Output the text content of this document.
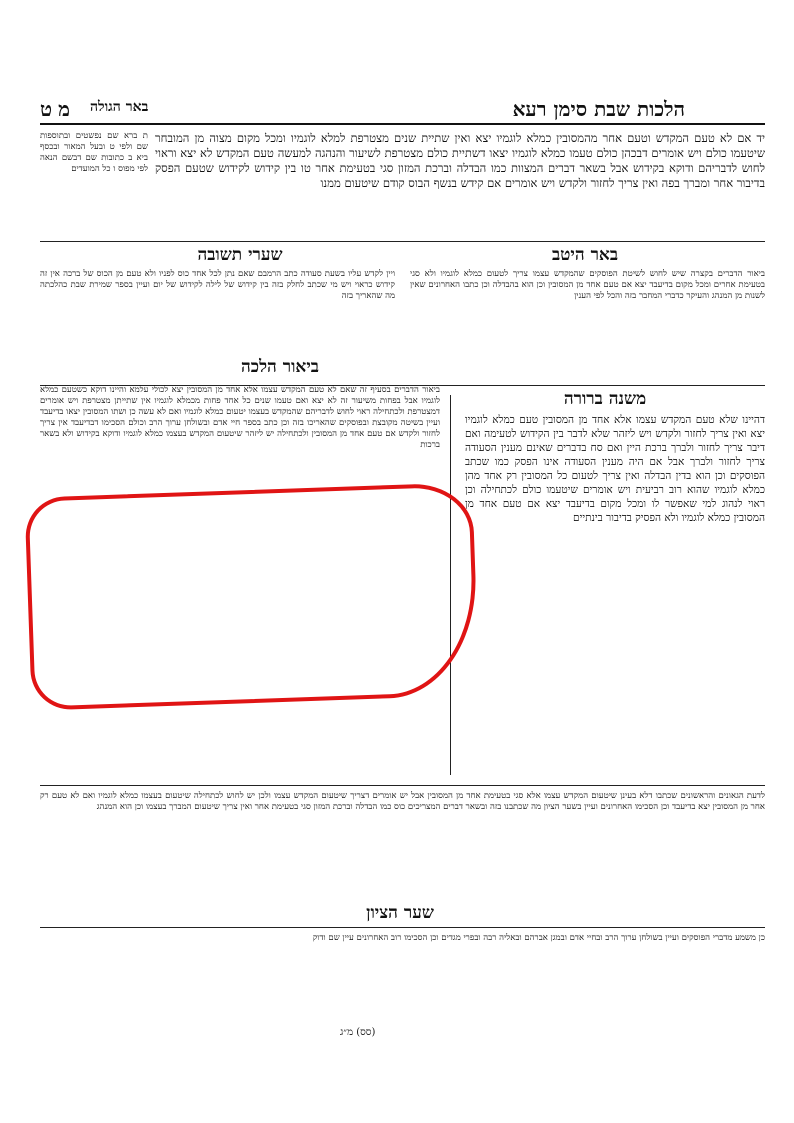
מט באר הגולה	הלכות שבת סימן רעא

יד אם לא טעם המקדש וטעם אחר מהמסובין כמלא לוגמיו יצא ואין שתיית שנים מצטרפת למלא לוגמיו ומכל מקום מצוה מן המובחר שיטעמו כולם ויש אומרים דבכהן כולם טעמו כמלא לוגמיו יצאו דשתיית כולם מצטרפת לשיעור והנהגה למעשה טעם המקדש לא יצא וראוי לחוש לדבריהם ודוקא בקידוש אבל בשאר דברים המצוות כמו הבדלה וברכת המזון סגי בטעימת אחר טו בין קידוש לקידוש שטעם הפסק בדיבור אחר ומברך בפה ואין צריך לחזור ולקדש ויש אומרים אם קידש בנשף הבוס קודם שיטעום ממנו

ת ברא שם נפשטים ובתוספות שם ולפי ט ובעל המאור ובכסף ביא ב כתובות שם דבשם הנאה לפי מפוס ו כל המועדים

באר היטב
שערי תשובה

ביאור הדברים בקצרה שיש לחוש לשיטת הפוסקים שהמקדש עצמו צריך לטעום כמלא לוגמיו ולא סגי בטעימת אחרים ומכל מקום בדיעבד יצא אם טעם אחד מן המסובין וכן הוא בהבדלה וכן כתבו האחרונים שאין לשנות מן המנהג והעיקר כדברי המחבר בזה והכל לפי הענין

ויין לקדש עליו בשעת סעודה כתב הרמבם שאם נתן לכל אחד כוס לפניו ולא טעם מן הכוס של ברכה אין זה קידוש כראוי ויש מי שכתב לחלק בזה בין קידוש של לילה לקידוש של יום ועיין בספר שמירת שבת כהלכתה מה שהאריך בזה

משנה ברורה
ביאור הלכה

דהיינו שלא טעם המקדש עצמו אלא אחד מן המסובין טעם כמלא לוגמיו יצא ואין צריך לחזור ולקדש ויש ליזהר שלא לדבר בין הקידוש לטעימה ואם דיבר צריך לחזור ולברך ברכת היין ואם סח בדברים שאינם מענין הסעודה צריך לחזור ולברך אבל אם היה מענין הסעודה אינו הפסק כמו שכתב הפוסקים וכן הוא בדין הבדלה ואין צריך לטעום כל המסובין רק אחד מהן כמלא לוגמיו שהוא רוב רביעית ויש אומרים שיטעמו כולם לכתחילה וכן ראוי לנהוג למי שאפשר לו ומכל מקום בדיעבד יצא אם טעם אחד מן המסובין כמלא לוגמיו ולא הפסיק בדיבור בינתיים

ביאור הדברים בסעיף זה שאם לא טעם המקדש עצמו אלא אחד מן המסובין יצא לכולי עלמא והיינו דוקא כשטעם כמלא לוגמיו אבל בפחות משיעור זה לא יצא ואם טעמו שנים כל אחד פחות מכמלא לוגמיו אין שתייתן מצטרפת ויש אומרים דמצטרפת ולכתחילה ראוי לחוש לדבריהם שהמקדש בעצמו יטעום כמלא לוגמיו ואם לא עשה כן ושתו המסובין יצאו בדיעבד ועיין בשיטה מקובצת ובפוסקים שהאריכו בזה וכן כתב בספר חיי אדם ובשולחן ערוך הרב וכולם הסכימו דבדיעבד אין צריך לחזור ולקדש אם טעם אחד מן המסובין ולכתחילה יש ליזהר שיטעום המקדש בעצמו כמלא לוגמיו ודוקא בקידוש ולא בשאר ברכות

לדעת הגאונים והראשונים שכתבו דלא בעינן שיטעום המקדש עצמו אלא סגי בטעימת אחד מן המסובין אבל יש אומרים דצריך שיטעום המקדש עצמו ולכן יש לחוש לכתחילה שיטעום בעצמו כמלא לוגמיו ואם לא טעם רק אחר מן המסובין יצא בדיעבד וכן הסכימו האחרונים ועיין בשער הציון מה שכתבנו בזה ובשאר דברים המצריכים כוס כמו הבדלה וברכת המזון סגי בטעימת אחר ואין צריך שיטעום המברך בעצמו וכן הוא המנהג

שער הציון

כן משמע מדברי הפוסקים ועיין בשולחן ערוך הרב ובחיי אדם ובמגן אברהם ובאליה רבה ובפרי מגדים וכן הסכימו רוב האחרונים עיין שם ודוק

(סס) מ״ג
